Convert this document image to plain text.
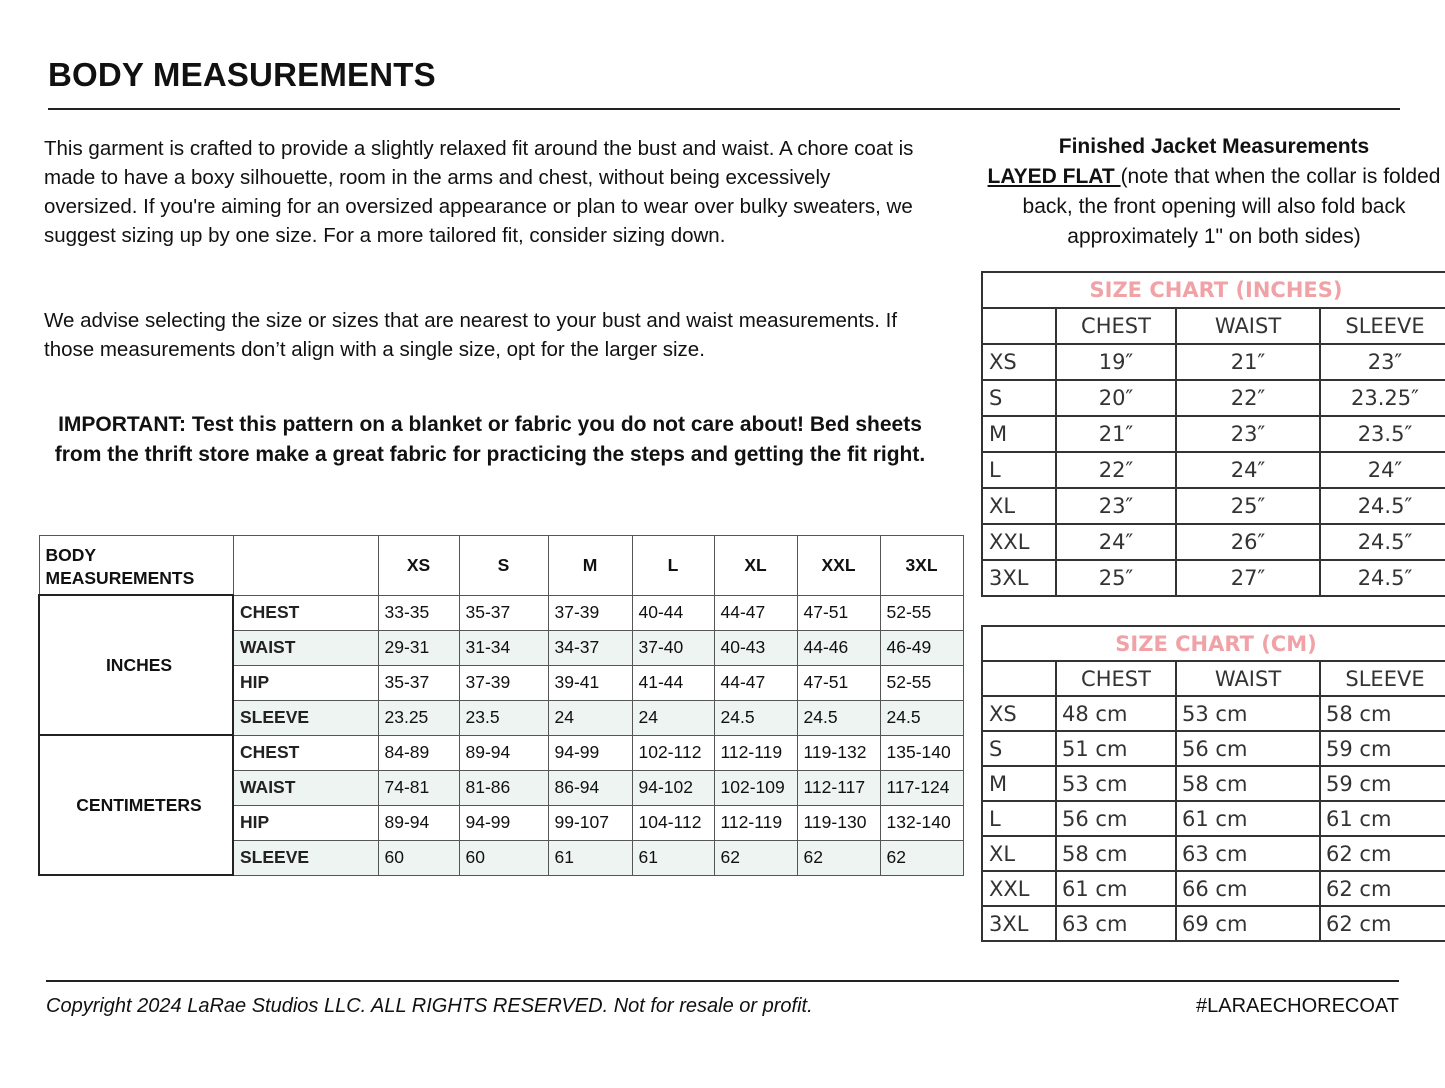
BODY MEASUREMENTS
This garment is crafted to provide a slightly relaxed fit around the bust and waist. A chore coat is made to have a boxy silhouette, room in the arms and chest, without being excessively oversized. If you're aiming for an oversized appearance or plan to wear over bulky sweaters, we suggest sizing up by one size. For a more tailored fit, consider sizing down.
We advise selecting the size or sizes that are nearest to your bust and waist measurements. If those measurements don’t align with a single size, opt for the larger size.
IMPORTANT: Test this pattern on a blanket or fabric you do not care about! Bed sheets from the thrift store make a great fabric for practicing the steps and getting the fit right.
BODY MEASUREMENTS		XS	S	M	L	XL	XXL	3XL
INCHES	CHEST	33-35	35-37	37-39	40-44	44-47	47-51	52-55
	WAIST	29-31	31-34	34-37	37-40	40-43	44-46	46-49
	HIP	35-37	37-39	39-41	41-44	44-47	47-51	52-55
	SLEEVE	23.25	23.5	24	24	24.5	24.5	24.5
CENTIMETERS	CHEST	84-89	89-94	94-99	102-112	112-119	119-132	135-140
	WAIST	74-81	81-86	86-94	94-102	102-109	112-117	117-124
	HIP	89-94	94-99	99-107	104-112	112-119	119-130	132-140
	SLEEVE	60	60	61	61	62	62	62
Finished Jacket Measurements
LAYED FLAT (note that when the collar is folded back, the front opening will also fold back approximately 1" on both sides)
SIZE CHART (INCHES)			
	CHEST	WAIST	SLEEVE
XS	19″	21″	23″
S	20″	22″	23.25″
M	21″	23″	23.5″
L	22″	24″	24″
XL	23″	25″	24.5″
XXL	24″	26″	24.5″
3XL	25″	27″	24.5″
SIZE CHART (CM)			
	CHEST	WAIST	SLEEVE
XS	48 cm	53 cm	58 cm
S	51 cm	56 cm	59 cm
M	53 cm	58 cm	59 cm
L	56 cm	61 cm	61 cm
XL	58 cm	63 cm	62 cm
XXL	61 cm	66 cm	62 cm
3XL	63 cm	69 cm	62 cm
Copyright 2024 LaRae Studios LLC. ALL RIGHTS RESERVED. Not for resale or profit.	#LARAECHORECOAT
